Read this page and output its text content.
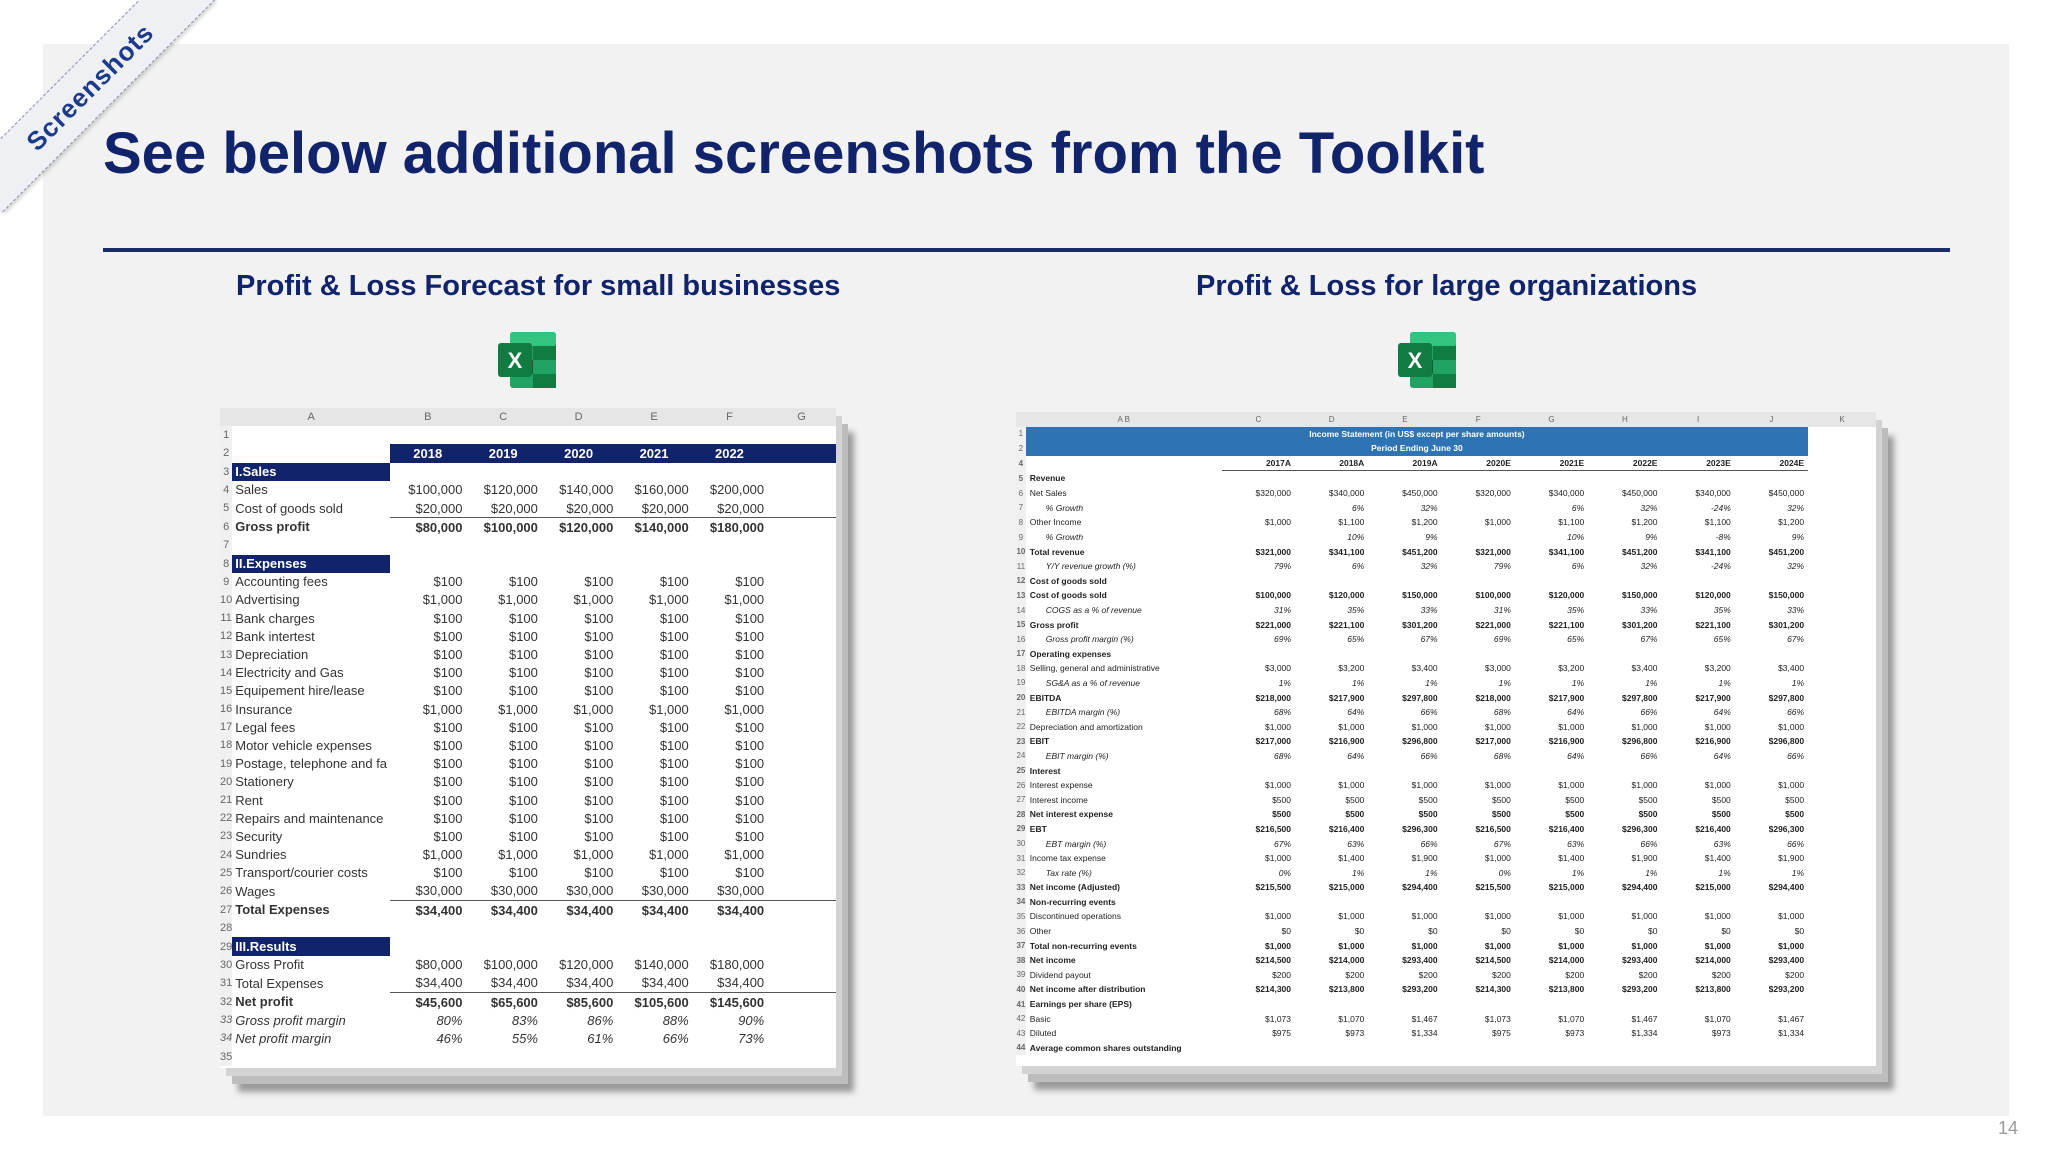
Screenshots
See below additional screenshots from the Toolkit
Profit & Loss Forecast for small businesses	Profit & Loss for large organizations
X	X
	A	B	C	D	E	F	G
1							
2		2018	2019	2020	2021	2022	
3	I.Sales						
4	Sales	$100,000	$120,000	$140,000	$160,000	$200,000	
5	Cost of goods sold	$20,000	$20,000	$20,000	$20,000	$20,000	
6	Gross profit	$80,000	$100,000	$120,000	$140,000	$180,000	
7							
8	II.Expenses						
9	Accounting fees	$100	$100	$100	$100	$100	
10	Advertising	$1,000	$1,000	$1,000	$1,000	$1,000	
11	Bank charges	$100	$100	$100	$100	$100	
12	Bank intertest	$100	$100	$100	$100	$100	
13	Depreciation	$100	$100	$100	$100	$100	
14	Electricity and Gas	$100	$100	$100	$100	$100	
15	Equipement hire/lease	$100	$100	$100	$100	$100	
16	Insurance	$1,000	$1,000	$1,000	$1,000	$1,000	
17	Legal fees	$100	$100	$100	$100	$100	
18	Motor vehicle expenses	$100	$100	$100	$100	$100	
19	Postage, telephone and fa	$100	$100	$100	$100	$100	
20	Stationery	$100	$100	$100	$100	$100	
21	Rent	$100	$100	$100	$100	$100	
22	Repairs and maintenance	$100	$100	$100	$100	$100	
23	Security	$100	$100	$100	$100	$100	
24	Sundries	$1,000	$1,000	$1,000	$1,000	$1,000	
25	Transport/courier costs	$100	$100	$100	$100	$100	
26	Wages	$30,000	$30,000	$30,000	$30,000	$30,000	
27	Total Expenses	$34,400	$34,400	$34,400	$34,400	$34,400	
28							
29	III.Results						
30	Gross Profit	$80,000	$100,000	$120,000	$140,000	$180,000	
31	Total Expenses	$34,400	$34,400	$34,400	$34,400	$34,400	
32	Net profit	$45,600	$65,600	$85,600	$105,600	$145,600	
33	Gross profit margin	80%	83%	86%	88%	90%	
34	Net profit margin	46%	55%	61%	66%	73%	
35							
	A B	C	D	E	F	G	H	I	J	K
1	Income Statement (in US$ except per share amounts)									
2	Period Ending June 30									
4		2017A	2018A	2019A	2020E	2021E	2022E	2023E	2024E	
5	Revenue									
6	Net Sales	$320,000	$340,000	$450,000	$320,000	$340,000	$450,000	$340,000	$450,000	
7	% Growth		6%	32%		6%	32%	-24%	32%	
8	Other Income	$1,000	$1,100	$1,200	$1,000	$1,100	$1,200	$1,100	$1,200	
9	% Growth		10%	9%		10%	9%	-8%	9%	
10	Total revenue	$321,000	$341,100	$451,200	$321,000	$341,100	$451,200	$341,100	$451,200	
11	Y/Y revenue growth (%)	79%	6%	32%	79%	6%	32%	-24%	32%	
12	Cost of goods sold									
13	Cost of goods sold	$100,000	$120,000	$150,000	$100,000	$120,000	$150,000	$120,000	$150,000	
14	COGS as a % of revenue	31%	35%	33%	31%	35%	33%	35%	33%	
15	Gross profit	$221,000	$221,100	$301,200	$221,000	$221,100	$301,200	$221,100	$301,200	
16	Gross profit margin (%)	69%	65%	67%	69%	65%	67%	65%	67%	
17	Operating expenses									
18	Selling, general and administrative	$3,000	$3,200	$3,400	$3,000	$3,200	$3,400	$3,200	$3,400	
19	SG&A as a % of revenue	1%	1%	1%	1%	1%	1%	1%	1%	
20	EBITDA	$218,000	$217,900	$297,800	$218,000	$217,900	$297,800	$217,900	$297,800	
21	EBITDA margin (%)	68%	64%	66%	68%	64%	66%	64%	66%	
22	Depreciation and amortization	$1,000	$1,000	$1,000	$1,000	$1,000	$1,000	$1,000	$1,000	
23	EBIT	$217,000	$216,900	$296,800	$217,000	$216,900	$296,800	$216,900	$296,800	
24	EBIT margin (%)	68%	64%	66%	68%	64%	66%	64%	66%	
25	Interest									
26	Interest expense	$1,000	$1,000	$1,000	$1,000	$1,000	$1,000	$1,000	$1,000	
27	Interest income	$500	$500	$500	$500	$500	$500	$500	$500	
28	Net interest expense	$500	$500	$500	$500	$500	$500	$500	$500	
29	EBT	$216,500	$216,400	$296,300	$216,500	$216,400	$296,300	$216,400	$296,300	
30	EBT margin (%)	67%	63%	66%	67%	63%	66%	63%	66%	
31	Income tax expense	$1,000	$1,400	$1,900	$1,000	$1,400	$1,900	$1,400	$1,900	
32	Tax rate (%)	0%	1%	1%	0%	1%	1%	1%	1%	
33	Net income (Adjusted)	$215,500	$215,000	$294,400	$215,500	$215,000	$294,400	$215,000	$294,400	
34	Non-recurring events									
35	Discontinued operations	$1,000	$1,000	$1,000	$1,000	$1,000	$1,000	$1,000	$1,000	
36	Other	$0	$0	$0	$0	$0	$0	$0	$0	
37	Total non-recurring events	$1,000	$1,000	$1,000	$1,000	$1,000	$1,000	$1,000	$1,000	
38	Net income	$214,500	$214,000	$293,400	$214,500	$214,000	$293,400	$214,000	$293,400	
39	Dividend payout	$200	$200	$200	$200	$200	$200	$200	$200	
40	Net income after distribution	$214,300	$213,800	$293,200	$214,300	$213,800	$293,200	$213,800	$293,200	
41	Earnings per share (EPS)									
42	Basic	$1,073	$1,070	$1,467	$1,073	$1,070	$1,467	$1,070	$1,467	
43	Diluted	$975	$973	$1,334	$975	$973	$1,334	$973	$1,334	
44	Average common shares outstanding									
14
